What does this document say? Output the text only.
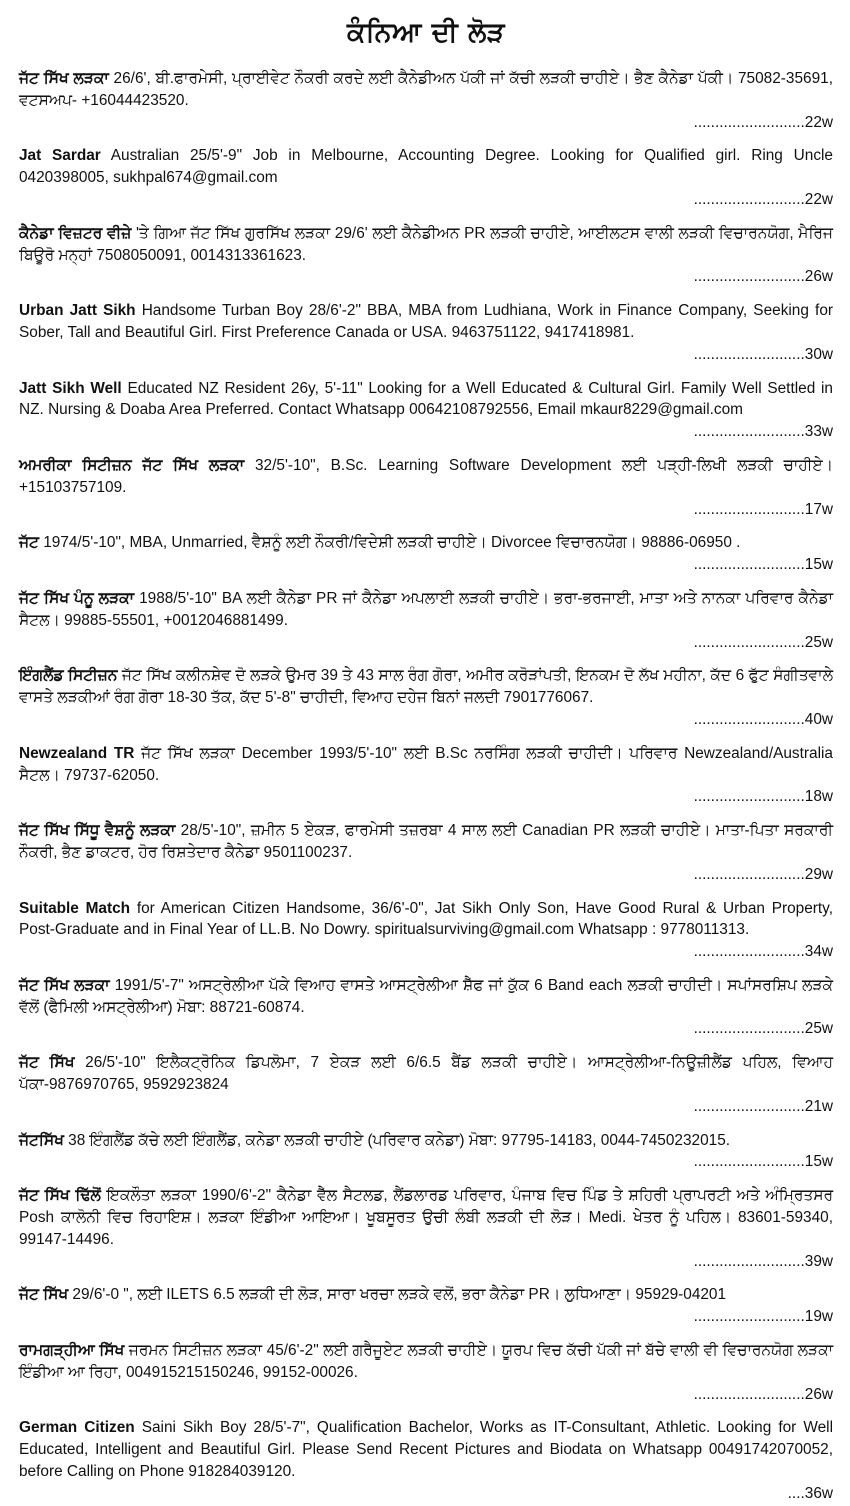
ਕੰਨਿਆ ਦੀ ਲੋੜ
ਜੱਟ ਸਿੱਖ ਲੜਕਾ 26/6', ਬੀ.ਫਾਰਮੇਸੀ, ਪ੍ਰਾਈਵੇਟ ਨੌਕਰੀ ਕਰਦੇ ਲਈ ਕੈਨੇਡੀਅਨ ਪੱਕੀ ਜਾਂ ਕੱਚੀ ਲੜਕੀ ਚਾਹੀਏ। ਭੈਣ ਕੈਨੇਡਾ ਪੱਕੀ। 75082-35691, ਵਟਸਅਪ- +16044423520.
..........................22w
Jat Sardar Australian 25/5'-9" Job in Melbourne, Accounting Degree. Looking for Qualified girl. Ring Uncle 0420398005, sukhpal674@gmail.com
..........................22w
ਕੈਨੇਡਾ ਵਿਜ਼ਟਰ ਵੀਜ਼ੇ 'ਤੇ ਗਿਆ ਜੱਟ ਸਿੱਖ ਗੁਰਸਿੱਖ ਲੜਕਾ 29/6' ਲਈ ਕੈਨੇਡੀਅਨ PR ਲੜਕੀ ਚਾਹੀਏ, ਆਈਲਟਸ ਵਾਲੀ ਲੜਕੀ ਵਿਚਾਰਨਯੋਗ, ਮੈਰਿਜ ਬਿਊਰੋ ਮਨ੍ਹਾਂ 7508050091, 0014313361623.
..........................26w
Urban Jatt Sikh Handsome Turban Boy 28/6'-2" BBA, MBA from Ludhiana, Work in Finance Company, Seeking for Sober, Tall and Beautiful Girl. First Preference Canada or USA. 9463751122, 9417418981.
..........................30w
Jatt Sikh Well Educated NZ Resident 26y, 5'-11" Looking for a Well Educated & Cultural Girl. Family Well Settled in NZ. Nursing & Doaba Area Preferred. Contact Whatsapp 00642108792556, Email mkaur8229@gmail.com
..........................33w
ਅਮਰੀਕਾ ਸਿਟੀਜ਼ਨ ਜੱਟ ਸਿੱਖ ਲੜਕਾ 32/5'-10", B.Sc. Learning Software Development ਲਈ ਪੜ੍ਹੀ-ਲਿਖੀ ਲੜਕੀ ਚਾਹੀਏ। +15103757109.
..........................17w
ਜੱਟ 1974/5'-10", MBA, Unmarried, ਵੈਸ਼ਨੂੰ ਲਈ ਨੌਕਰੀ/ਵਿਦੇਸ਼ੀ ਲੜਕੀ ਚਾਹੀਏ। Divorcee ਵਿਚਾਰਨਯੋਗ। 98886-06950 .
..........................15w
ਜੱਟ ਸਿੱਖ ਪੰਨੂ ਲੜਕਾ 1988/5'-10" BA ਲਈ ਕੈਨੇਡਾ PR ਜਾਂ ਕੈਨੇਡਾ ਅਪਲਾਈ ਲੜਕੀ ਚਾਹੀਏ। ਭਰਾ-ਭਰਜਾਈ, ਮਾਤਾ ਅਤੇ ਨਾਨਕਾ ਪਰਿਵਾਰ ਕੈਨੇਡਾ ਸੈਟਲ। 99885-55501, +0012046881499.
..........................25w
ਇੰਗਲੈਂਡ ਸਿਟੀਜ਼ਨ ਜੱਟ ਸਿੱਖ ਕਲੀਨਸ਼ੇਵ ਦੋ ਲੜਕੇ ਉਮਰ 39 ਤੇ 43 ਸਾਲ ਰੰਗ ਗੋਰਾ, ਅਮੀਰ ਕਰੋੜਾਂਪਤੀ, ਇਨਕਮ ਦੋ ਲੱਖ ਮਹੀਨਾ, ਕੱਦ 6 ਫੁੱਟ ਸੰਗੀਤਵਾਲੇ ਵਾਸਤੇ ਲੜਕੀਆਂ ਰੰਗ ਗੋਰਾ 18-30 ਤੱਕ, ਕੱਦ 5'-8" ਚਾਹੀਦੀ, ਵਿਆਹ ਦਹੇਜ ਬਿਨਾਂ ਜਲਦੀ 7901776067.
..........................40w
Newzealand TR ਜੱਟ ਸਿੱਖ ਲੜਕਾ December 1993/5'-10" ਲਈ B.Sc ਨਰਸਿੰਗ ਲੜਕੀ ਚਾਹੀਦੀ। ਪਰਿਵਾਰ Newzealand/Australia ਸੈਟਲ। 79737-62050.
..........................18w
ਜੱਟ ਸਿੱਖ ਸਿੱਧੂ ਵੈਸ਼ਨੂੰ ਲੜਕਾ 28/5'-10", ਜ਼ਮੀਨ 5 ਏਕੜ, ਫਾਰਮੇਸੀ ਤਜ਼ਰਬਾ 4 ਸਾਲ ਲਈ Canadian PR ਲੜਕੀ ਚਾਹੀਏ। ਮਾਤਾ-ਪਿਤਾ ਸਰਕਾਰੀ ਨੌਕਰੀ, ਭੈਣ ਡਾਕਟਰ, ਹੋਰ ਰਿਸ਼ਤੇਦਾਰ ਕੈਨੇਡਾ 9501100237.
..........................29w
Suitable Match for American Citizen Handsome, 36/6'-0", Jat Sikh Only Son, Have Good Rural & Urban Property, Post-Graduate and in Final Year of LL.B. No Dowry. spiritualsurviving@gmail.com Whatsapp : 9778011313.
..........................34w
ਜੱਟ ਸਿੱਖ ਲੜਕਾ 1991/5'-7" ਅਸਟ੍ਰੇਲੀਆ ਪੱਕੇ ਵਿਆਹ ਵਾਸਤੇ ਆਸਟ੍ਰੇਲੀਆ ਸ਼ੈੱਫ ਜਾਂ ਕੁੱਕ 6 Band each ਲੜਕੀ ਚਾਹੀਦੀ। ਸਪਾਂਸਰਸ਼ਿਪ ਲੜਕੇ ਵੱਲੋਂ (ਫੈਮਿਲੀ ਅਸਟ੍ਰੇਲੀਆ) ਮੋਬਾ: 88721-60874.
..........................25w
ਜੱਟ ਸਿੱਖ 26/5'-10" ਇਲੈਕਟ੍ਰੋਨਿਕ ਡਿਪਲੋਮਾ, 7 ਏਕੜ ਲਈ 6/6.5 ਬੈਂਡ ਲੜਕੀ ਚਾਹੀਏ। ਆਸਟ੍ਰੇਲੀਆ-ਨਿਊਜ਼ੀਲੈਂਡ ਪਹਿਲ, ਵਿਆਹ ਪੱਕਾ-9876970765, 9592923824
..........................21w
ਜੱਟਸਿੱਖ 38 ਇੰਗਲੈਂਡ ਕੱਚੇ ਲਈ ਇੰਗਲੈਂਡ, ਕਨੇਡਾ ਲੜਕੀ ਚਾਹੀਏ (ਪਰਿਵਾਰ ਕਨੇਡਾ) ਮੋਬਾ: 97795-14183, 0044-7450232015.
..........................15w
ਜੱਟ ਸਿੱਖ ਢਿੱਲੋਂ ਇਕਲੌਤਾ ਲੜਕਾ 1990/6'-2" ਕੈਨੇਡਾ ਵੈੱਲ ਸੈਟਲਡ, ਲੈਂਡਲਾਰਡ ਪਰਿਵਾਰ, ਪੰਜਾਬ ਵਿਚ ਪਿੰਡ ਤੇ ਸ਼ਹਿਰੀ ਪ੍ਰਾਪਰਟੀ ਅਤੇ ਅੰਮ੍ਰਿਤਸਰ Posh ਕਾਲੋਨੀ ਵਿਚ ਰਿਹਾਇਸ਼। ਲੜਕਾ ਇੰਡੀਆ ਆਇਆ। ਖੂਬਸੂਰਤ ਉਚੀ ਲੰਬੀ ਲੜਕੀ ਦੀ ਲੋੜ। Medi. ਖੇਤਰ ਨੂੰ ਪਹਿਲ। 83601-59340, 99147-14496.
..........................39w
ਜੱਟ ਸਿੱਖ 29/6'-0 ", ਲਈ ILETS 6.5 ਲੜਕੀ ਦੀ ਲੋੜ, ਸਾਰਾ ਖਰਚਾ ਲੜਕੇ ਵਲੋਂ, ਭਰਾ ਕੈਨੇਡਾ PR। ਲੁਧਿਆਣਾ। 95929-04201
..........................19w
ਰਾਮਗੜ੍ਹੀਆ ਸਿੱਖ ਜਰਮਨ ਸਿਟੀਜ਼ਨ ਲੜਕਾ 45/6'-2" ਲਈ ਗਰੈਜੂਏਟ ਲੜਕੀ ਚਾਹੀਏ। ਯੂਰਪ ਵਿਚ ਕੱਚੀ ਪੱਕੀ ਜਾਂ ਬੱਚੇ ਵਾਲੀ ਵੀ ਵਿਚਾਰਨਯੋਗ ਲੜਕਾ ਇੰਡੀਆ ਆ ਰਿਹਾ, 004915215150246, 99152-00026.
..........................26w
German Citizen Saini Sikh Boy 28/5'-7", Qualification Bachelor, Works as IT-Consultant, Athletic. Looking for Well Educated, Intelligent and Beautiful Girl. Please Send Recent Pictures and Biodata on Whatsapp 00491742070052, before Calling on Phone 918284039120.
....36w
